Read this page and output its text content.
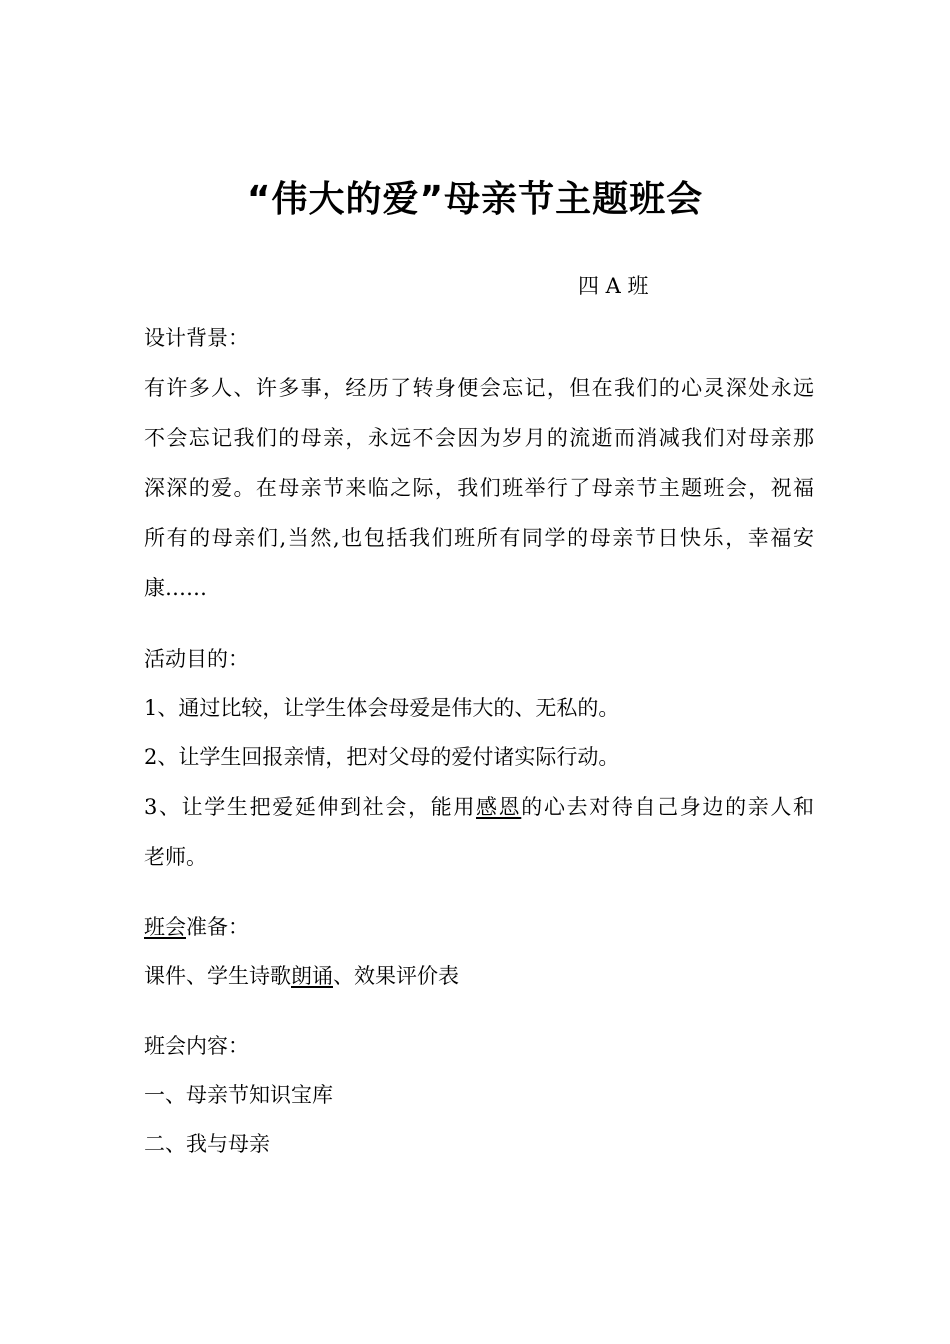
“伟大的爱”母亲节主题班会
四 A 班
设计背景：
有许多人、许多事，经历了转身便会忘记，但在我们的心灵深处永远
不会忘记我们的母亲，永远不会因为岁月的流逝而消减我们对母亲那
深深的爱。在母亲节来临之际，我们班举行了母亲节主题班会，祝福
所有的母亲们,当然,也包括我们班所有同学的母亲节日快乐，幸福安
康……
活动目的：
1、通过比较，让学生体会母爱是伟大的、无私的。
2、让学生回报亲情，把对父母的爱付诸实际行动。
3、让学生把爱延伸到社会，能用感恩的心去对待自己身边的亲人和
老师。
班会准备：
课件、学生诗歌朗诵、效果评价表
班会内容：
一、母亲节知识宝库
二、我与母亲
